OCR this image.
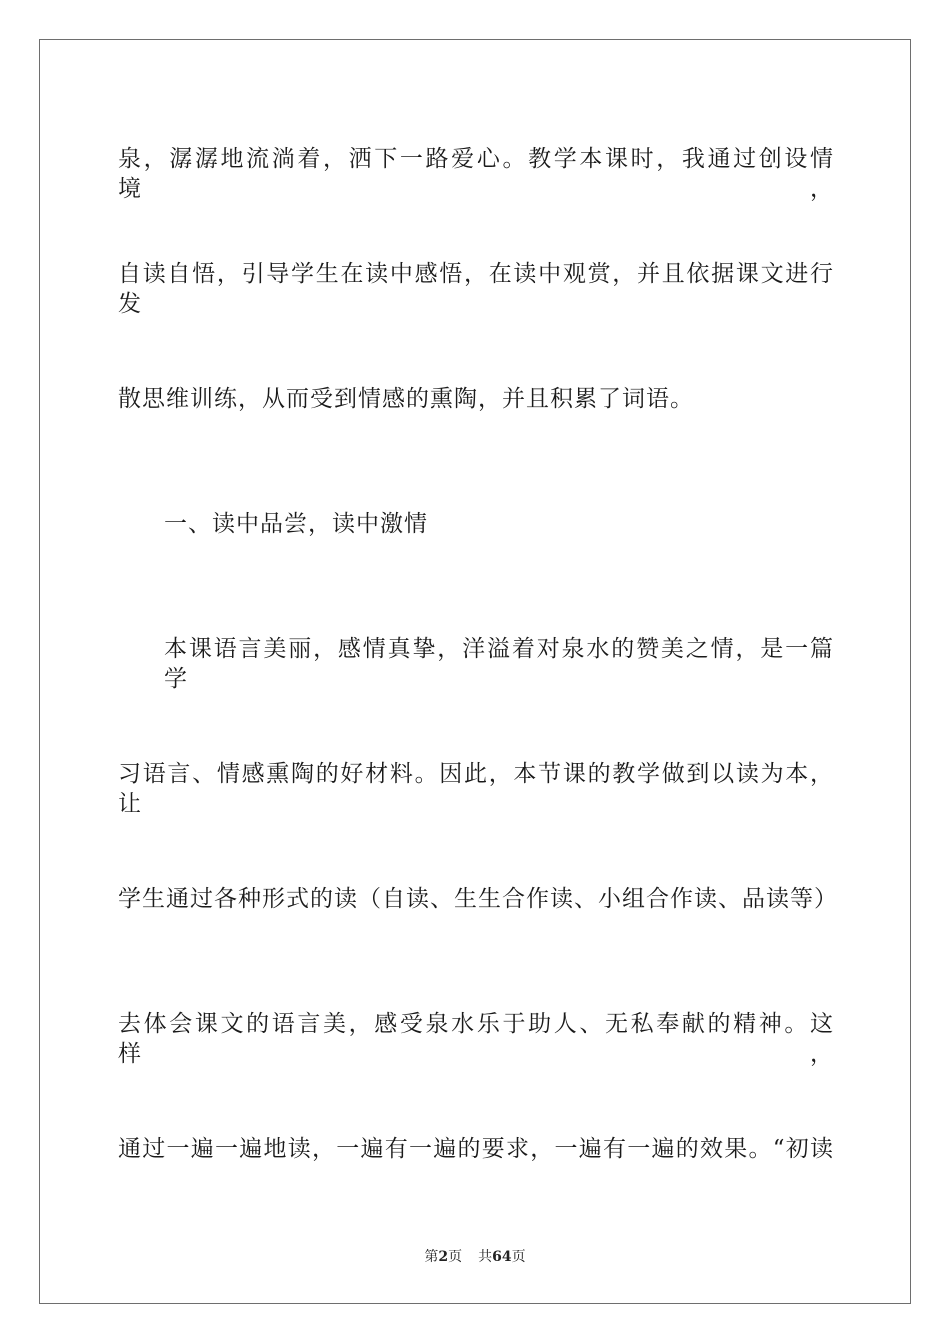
泉，潺潺地流淌着，洒下一路爱心。教学本课时，我通过创设情境，
自读自悟，引导学生在读中感悟，在读中观赏，并且依据课文进行发
散思维训练，从而受到情感的熏陶，并且积累了词语。
一、读中品尝，读中激情
本课语言美丽，感情真挚，洋溢着对泉水的赞美之情，是一篇学
习语言、情感熏陶的好材料。因此，本节课的教学做到以读为本，让
学生通过各种形式的读（自读、生生合作读、小组合作读、品读等）
去体会课文的语言美，感受泉水乐于助人、无私奉献的精神。这样，
通过一遍一遍地读，一遍有一遍的要求，一遍有一遍的效果。“初读
第2页 共64页
